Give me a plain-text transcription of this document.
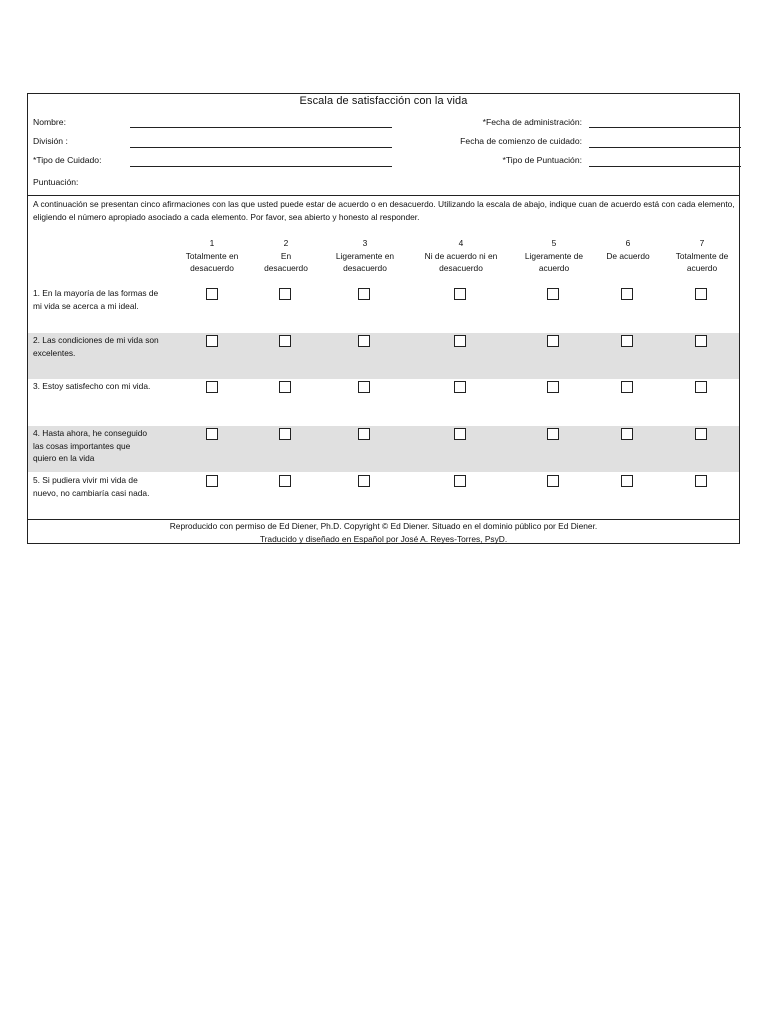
Escala de satisfacción con la vida
Nombre:
División :
*Tipo de Cuidado:
Puntuación:
*Fecha de administración:
Fecha de comienzo de cuidado:
*Tipo de Puntuación:
A continuación se presentan cinco afirmaciones con las que usted puede estar de acuerdo o en desacuerdo. Utilizando la escala de abajo, indique cuan de acuerdo está con cada elemento, eligiendo el número apropiado asociado a cada elemento. Por favor, sea abierto y honesto al responder.
1
Totalmente en
desacuerdo
2
En
desacuerdo
3
Ligeramente en
desacuerdo
4
Ni de acuerdo ni en
desacuerdo
5
Ligeramente de
acuerdo
6
De acuerdo
7
Totalmente de
acuerdo
1. En la mayoría de las formas de
mi vida se acerca a mi ideal.
2. Las condiciones de mi vida son
excelentes.
3. Estoy satisfecho con mi vida.
4. Hasta ahora, he conseguido
las cosas importantes que
quiero en la vida
5. Si pudiera vivir mi vida de
nuevo, no cambiaría casi nada.
Reproducido con permiso de Ed Diener, Ph.D. Copyright © Ed Diener. Situado en el dominio público por Ed Diener.
Traducido y diseñado en Español por José A. Reyes-Torres, PsyD.
